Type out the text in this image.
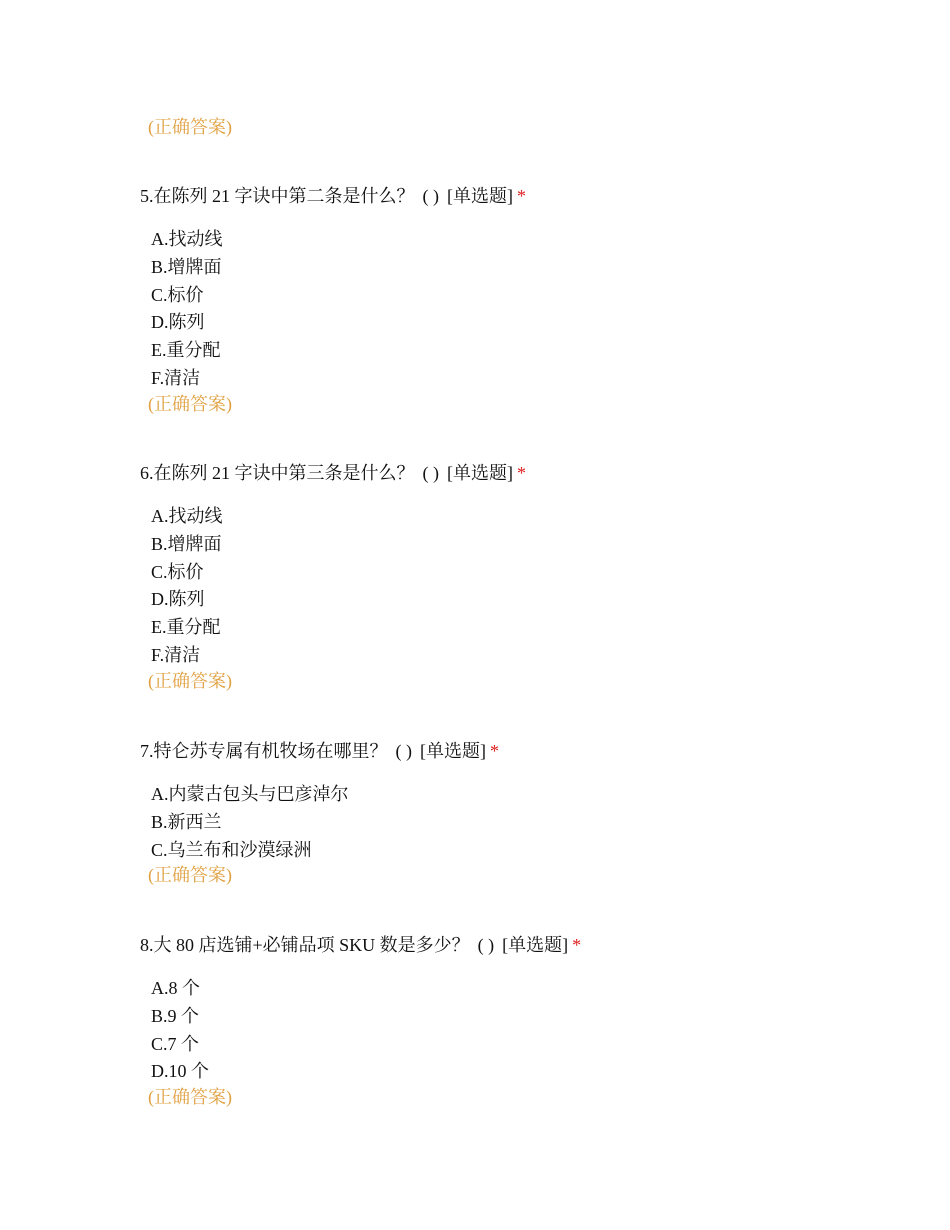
(正确答案)
5.在陈列 21 字诀中第二条是什么？ ( ) [单选题] *
A.找动线
B.增牌面
C.标价
D.陈列
E.重分配
F.清洁
(正确答案)
6.在陈列 21 字诀中第三条是什么？ ( ) [单选题] *
A.找动线
B.增牌面
C.标价
D.陈列
E.重分配
F.清洁
(正确答案)
7.特仑苏专属有机牧场在哪里？ ( ) [单选题] *
A.内蒙古包头与巴彦淖尔
B.新西兰
C.乌兰布和沙漠绿洲
(正确答案)
8.大 80 店选铺+必铺品项 SKU 数是多少？ ( ) [单选题] *
A.8 个
B.9 个
C.7 个
D.10 个
(正确答案)
